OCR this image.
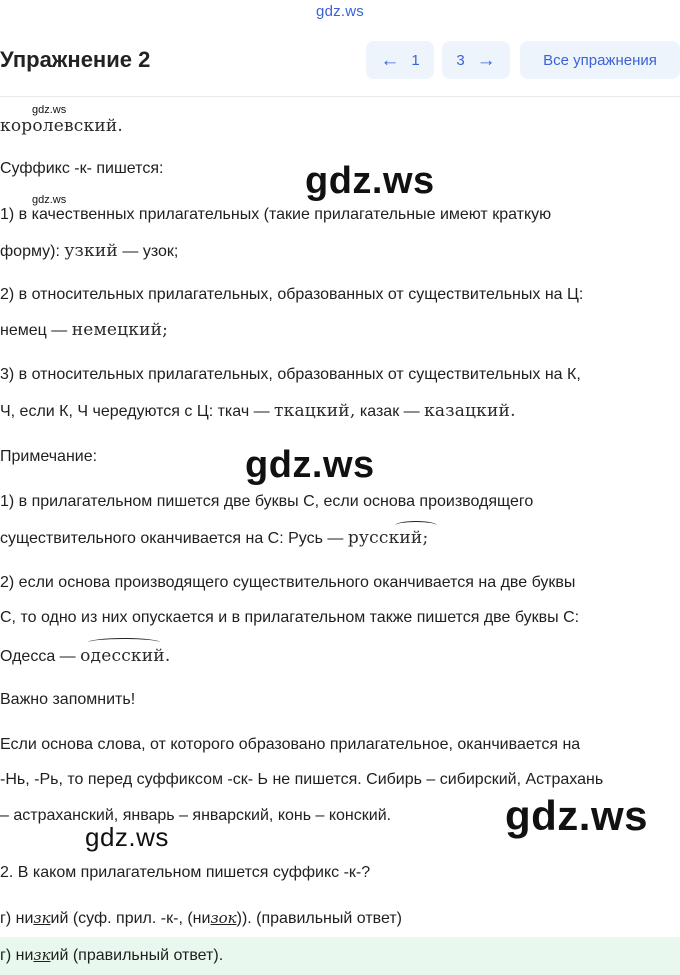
gdz.ws
Упражнение 2	← 1 3 →	Все упражнения
gdz.ws
королевский.
Суффикс -к- пишется:	gdz.ws
gdz.ws
1) в качественных прилагательных (такие прилагательные имеют краткую
форму): узкий — узок;
2) в относительных прилагательных, образованных от существительных на Ц:
немец — немецкий;
3) в относительных прилагательных, образованных от существительных на К,
Ч, если К, Ч чередуются с Ц: ткач — ткацкий, казак — казацкий.
Примечание:	gdz.ws
1) в прилагательном пишется две буквы С, если основа производящего
существительного оканчивается на С: Русь — русский;
2) если основа производящего существительного оканчивается на две буквы
С, то одно из них опускается и в прилагательном также пишется две буквы С:
Одесса — одесский.
Важно запомнить!
Если основа слова, от которого образовано прилагательное, оканчивается на
-Нь, -Рь, то перед суффиксом -ск- Ь не пишется. Сибирь – сибирский, Астрахань
– астраханский, январь – январский, конь – конский.	gdz.ws
gdz.ws
2. В каком прилагательном пишется суффикс -к-?
г) низкий (суф. прил. -к-, (низок)). (правильный ответ)
г) низкий (правильный ответ).
